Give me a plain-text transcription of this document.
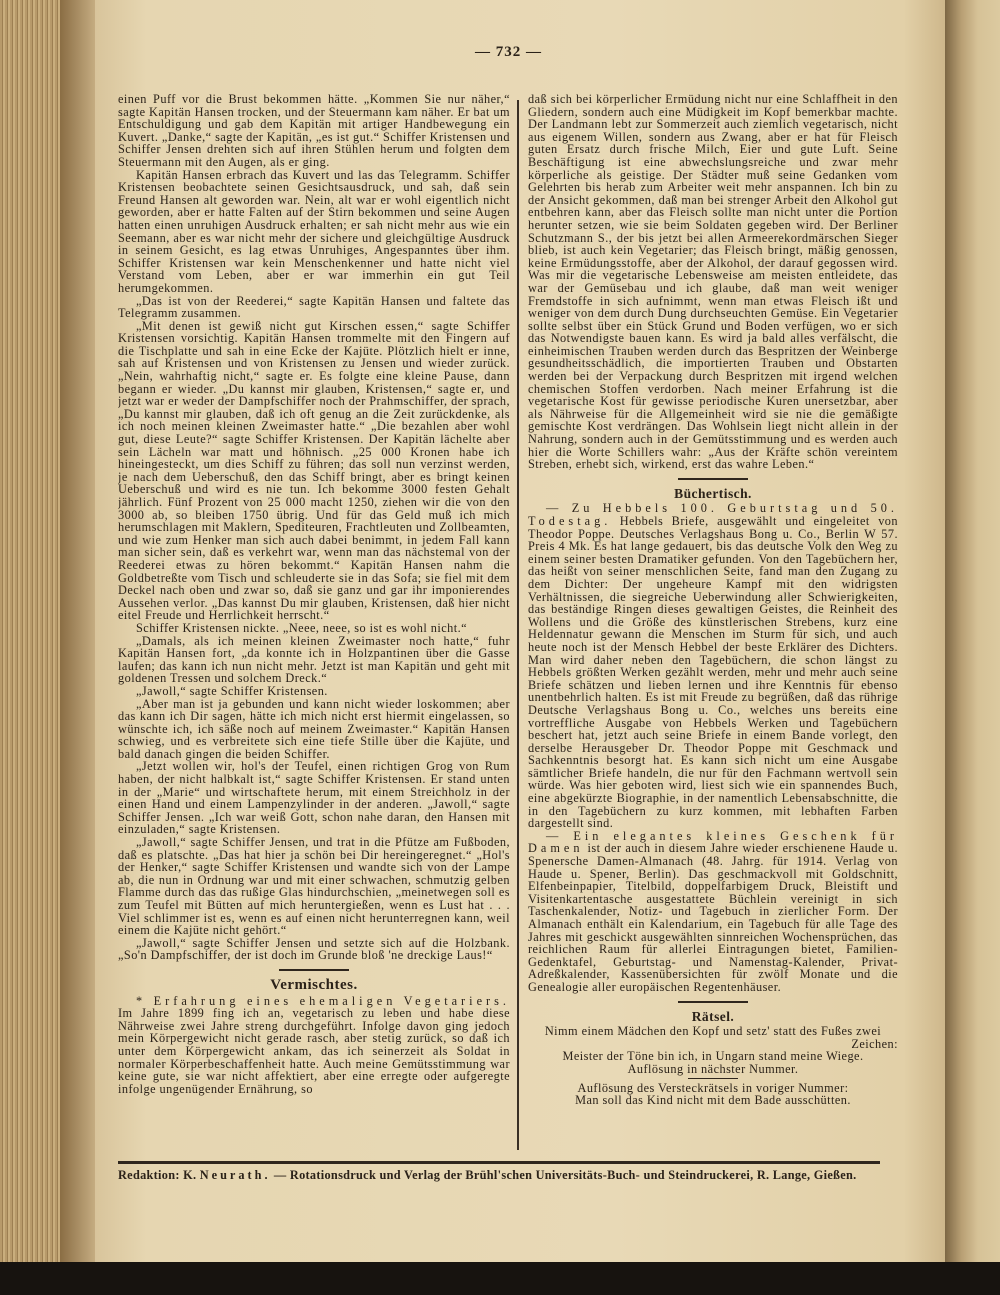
— 732 —

einen Puff vor die Brust bekommen hätte. „Kommen Sie nur näher,“ sagte Kapitän Hansen trocken, und der Steuermann kam näher. Er bat um Entschuldigung und gab dem Kapitän mit artiger Handbewegung ein Kuvert. „Danke,“ sagte der Kapitän, „es ist gut.“ Schiffer Kristensen und Schiffer Jensen drehten sich auf ihren Stühlen herum und folgten dem Steuermann mit den Augen, als er ging.

Kapitän Hansen erbrach das Kuvert und las das Telegramm. Schiffer Kristensen beobachtete seinen Gesichtsausdruck, und sah, daß sein Freund Hansen alt geworden war. Nein, alt war er wohl eigentlich nicht geworden, aber er hatte Falten auf der Stirn bekommen und seine Augen hatten einen unruhigen Ausdruck erhalten; er sah nicht mehr aus wie ein Seemann, aber es war nicht mehr der sichere und gleichgültige Ausdruck in seinem Gesicht, es lag etwas Unruhiges, Angespanntes über ihm. Schiffer Kristensen war kein Menschenkenner und hatte nicht viel Verstand vom Leben, aber er war immerhin ein gut Teil herumgekommen.

„Das ist von der Reederei,“ sagte Kapitän Hansen und faltete das Telegramm zusammen.

„Mit denen ist gewiß nicht gut Kirschen essen,“ sagte Schiffer Kristensen vorsichtig. Kapitän Hansen trommelte mit den Fingern auf die Tischplatte und sah in eine Ecke der Kajüte. Plötzlich hielt er inne, sah auf Kristensen und von Kristensen zu Jensen und wieder zurück. „Nein, wahrhaftig nicht,“ sagte er. Es folgte eine kleine Pause, dann begann er wieder. „Du kannst mir glauben, Kristensen,“ sagte er, und jetzt war er weder der Dampfschiffer noch der Prahmschiffer, der sprach, „Du kannst mir glauben, daß ich oft genug an die Zeit zurückdenke, als ich noch meinen kleinen Zweimaster hatte.“ „Die bezahlen aber wohl gut, diese Leute?“ sagte Schiffer Kristensen. Der Kapitän lächelte aber sein Lächeln war matt und höhnisch. „25 000 Kronen habe ich hineingesteckt, um dies Schiff zu führen; das soll nun verzinst werden, je nach dem Ueberschuß, den das Schiff bringt, aber es bringt keinen Ueberschuß und wird es nie tun. Ich bekomme 3000 festen Gehalt jährlich. Fünf Prozent von 25 000 macht 1250, ziehen wir die von den 3000 ab, so bleiben 1750 übrig. Und für das Geld muß ich mich herumschlagen mit Maklern, Spediteuren, Frachtleuten und Zollbeamten, und wie zum Henker man sich auch dabei benimmt, in jedem Fall kann man sicher sein, daß es verkehrt war, wenn man das nächstemal von der Reederei etwas zu hören bekommt.“ Kapitän Hansen nahm die Goldbetreßte vom Tisch und schleuderte sie in das Sofa; sie fiel mit dem Deckel nach oben und zwar so, daß sie ganz und gar ihr imponierendes Aussehen verlor. „Das kannst Du mir glauben, Kristensen, daß hier nicht eitel Freude und Herrlichkeit herrscht.“

Schiffer Kristensen nickte. „Neee, neee, so ist es wohl nicht.“

„Damals, als ich meinen kleinen Zweimaster noch hatte,“ fuhr Kapitän Hansen fort, „da konnte ich in Holzpantinen über die Gasse laufen; das kann ich nun nicht mehr. Jetzt ist man Kapitän und geht mit goldenen Tressen und solchem Dreck.“

„Jawoll,“ sagte Schiffer Kristensen.

„Aber man ist ja gebunden und kann nicht wieder loskommen; aber das kann ich Dir sagen, hätte ich mich nicht erst hiermit eingelassen, so wünschte ich, ich säße noch auf meinem Zweimaster.“ Kapitän Hansen schwieg, und es verbreitete sich eine tiefe Stille über die Kajüte, und bald danach gingen die beiden Schiffer.

„Jetzt wollen wir, hol's der Teufel, einen richtigen Grog von Rum haben, der nicht halbkalt ist,“ sagte Schiffer Kristensen. Er stand unten in der „Marie“ und wirtschaftete herum, mit einem Streichholz in der einen Hand und einem Lampenzylinder in der anderen. „Jawoll,“ sagte Schiffer Jensen. „Ich war weiß Gott, schon nahe daran, den Hansen mit einzuladen,“ sagte Kristensen.

„Jawoll,“ sagte Schiffer Jensen, und trat in die Pfütze am Fußboden, daß es platschte. „Das hat hier ja schön bei Dir hereingeregnet.“ „Hol's der Henker,“ sagte Schiffer Kristensen und wandte sich von der Lampe ab, die nun in Ordnung war und mit einer schwachen, schmutzig gelben Flamme durch das das rußige Glas hindurchschien, „meinetwegen soll es zum Teufel mit Bütten auf mich heruntergießen, wenn es Lust hat . . . Viel schlimmer ist es, wenn es auf einen nicht herunterregnen kann, weil einem die Kajüte nicht gehört.“

„Jawoll,“ sagte Schiffer Jensen und setzte sich auf die Holzbank. „So'n Dampfschiffer, der ist doch im Grunde bloß 'ne dreckige Laus!“

Vermischtes.

* Erfahrung eines ehemaligen Vegetariers. Im Jahre 1899 fing ich an, vegetarisch zu leben und habe diese Nährweise zwei Jahre streng durchgeführt. Infolge davon ging jedoch mein Körpergewicht nicht gerade rasch, aber stetig zurück, so daß ich unter dem Körpergewicht ankam, das ich seinerzeit als Soldat in normaler Körperbeschaffenheit hatte. Auch meine Gemütsstimmung war keine gute, sie war nicht affektiert, aber eine erregte oder aufgeregte infolge ungenügender Ernährung, so

daß sich bei körperlicher Ermüdung nicht nur eine Schlaffheit in den Gliedern, sondern auch eine Müdigkeit im Kopf bemerkbar machte. Der Landmann lebt zur Sommerzeit auch ziemlich vegetarisch, nicht aus eigenem Willen, sondern aus Zwang, aber er hat für Fleisch guten Ersatz durch frische Milch, Eier und gute Luft. Seine Beschäftigung ist eine abwechslungsreiche und zwar mehr körperliche als geistige. Der Städter muß seine Gedanken vom Gelehrten bis herab zum Arbeiter weit mehr anspannen. Ich bin zu der Ansicht gekommen, daß man bei strenger Arbeit den Alkohol gut entbehren kann, aber das Fleisch sollte man nicht unter die Portion herunter setzen, wie sie beim Soldaten gegeben wird. Der Berliner Schutzmann S., der bis jetzt bei allen Armeerekordmärschen Sieger blieb, ist auch kein Vegetarier; das Fleisch bringt, mäßig genossen, keine Ermüdungsstoffe, aber der Alkohol, der darauf gegossen wird. Was mir die vegetarische Lebensweise am meisten entleidete, das war der Gemüsebau und ich glaube, daß man weit weniger Fremdstoffe in sich aufnimmt, wenn man etwas Fleisch ißt und weniger von dem durch Dung durchseuchten Gemüse. Ein Vegetarier sollte selbst über ein Stück Grund und Boden verfügen, wo er sich das Notwendigste bauen kann. Es wird ja bald alles verfälscht, die einheimischen Trauben werden durch das Bespritzen der Weinberge gesundheitsschädlich, die importierten Trauben und Obstarten werden bei der Verpackung durch Bespritzen mit irgend welchen chemischen Stoffen verdorben. Nach meiner Erfahrung ist die vegetarische Kost für gewisse periodische Kuren unersetzbar, aber als Nährweise für die Allgemeinheit wird sie nie die gemäßigte gemischte Kost verdrängen. Das Wohlsein liegt nicht allein in der Nahrung, sondern auch in der Gemütsstimmung und es werden auch hier die Worte Schillers wahr: „Aus der Kräfte schön vereintem Streben, erhebt sich, wirkend, erst das wahre Leben.“

Büchertisch.

— Zu Hebbels 100. Geburtstag und 50. Todestag. Hebbels Briefe, ausgewählt und eingeleitet von Theodor Poppe. Deutsches Verlagshaus Bong u. Co., Berlin W 57. Preis 4 Mk. Es hat lange gedauert, bis das deutsche Volk den Weg zu einem seiner besten Dramatiker gefunden. Von den Tagebüchern her, das heißt von seiner menschlichen Seite, fand man den Zugang zu dem Dichter: Der ungeheure Kampf mit den widrigsten Verhältnissen, die siegreiche Ueberwindung aller Schwierigkeiten, das beständige Ringen dieses gewaltigen Geistes, die Reinheit des Wollens und die Größe des künstlerischen Strebens, kurz eine Heldennatur gewann die Menschen im Sturm für sich, und auch heute noch ist der Mensch Hebbel der beste Erklärer des Dichters. Man wird daher neben den Tagebüchern, die schon längst zu Hebbels größten Werken gezählt werden, mehr und mehr auch seine Briefe schätzen und lieben lernen und ihre Kenntnis für ebenso unentbehrlich halten. Es ist mit Freude zu begrüßen, daß das rührige Deutsche Verlagshaus Bong u. Co., welches uns bereits eine vortreffliche Ausgabe von Hebbels Werken und Tagebüchern beschert hat, jetzt auch seine Briefe in einem Bande vorlegt, den derselbe Herausgeber Dr. Theodor Poppe mit Geschmack und Sachkenntnis besorgt hat. Es kann sich nicht um eine Ausgabe sämtlicher Briefe handeln, die nur für den Fachmann wertvoll sein würde. Was hier geboten wird, liest sich wie ein spannendes Buch, eine abgekürzte Biographie, in der namentlich Lebensabschnitte, die in den Tagebüchern zu kurz kommen, mit lebhaften Farben dargestellt sind.

— Ein elegantes kleines Geschenk für Damen ist der auch in diesem Jahre wieder erschienene Haude u. Spenersche Damen-Almanach (48. Jahrg. für 1914. Verlag von Haude u. Spener, Berlin). Das geschmackvoll mit Goldschnitt, Elfenbeinpapier, Titelbild, doppelfarbigem Druck, Bleistift und Visitenkartentasche ausgestattete Büchlein vereinigt in sich Taschenkalender, Notiz- und Tagebuch in zierlicher Form. Der Almanach enthält ein Kalendarium, ein Tagebuch für alle Tage des Jahres mit geschickt ausgewählten sinnreichen Wochensprüchen, das reichlichen Raum für allerlei Eintragungen bietet, Familien-Gedenktafel, Geburtstag- und Namenstag-Kalender, Privat-Adreßkalender, Kassenübersichten für zwölf Monate und die Genealogie aller europäischen Regentenhäuser.

Rätsel.

Nimm einem Mädchen den Kopf und setz' statt des Fußes zwei

Zeichen:

Meister der Töne bin ich, in Ungarn stand meine Wiege.

Auflösung in nächster Nummer.

Auflösung des Versteckrätsels in voriger Nummer:

Man soll das Kind nicht mit dem Bade ausschütten.

Redaktion: K. Neurath. — Rotationsdruck und Verlag der Brühl'schen Universitäts-Buch- und Steindruckerei, R. Lange, Gießen.
